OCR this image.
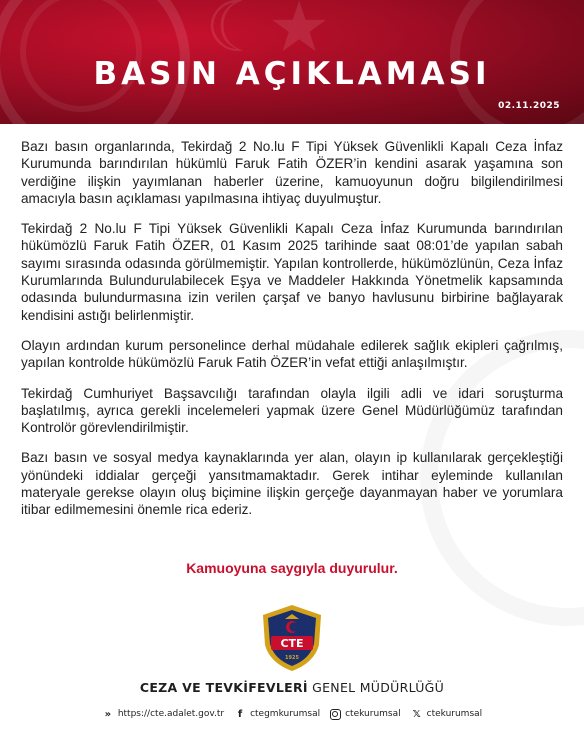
☾★
BASIN AÇIKLAMASI
02.11.2025

Bazı basın organlarında, Tekirdağ 2 No.lu F Tipi Yüksek Güvenlikli Kapalı Ceza İnfaz Kurumunda barındırılan hükümlü Faruk Fatih ÖZER’in kendini asarak yaşamına son verdiğine ilişkin yayımlanan haberler üzerine, kamuoyunun doğru bilgilendirilmesi amacıyla basın açıklaması yapılmasına ihtiyaç duyulmuştur.

Tekirdağ 2 No.lu F Tipi Yüksek Güvenlikli Kapalı Ceza İnfaz Kurumunda barındırılan hükümözlü Faruk Fatih ÖZER, 01 Kasım 2025 tarihinde saat 08:01’de yapılan sabah sayımı sırasında odasında görülmemiştir. Yapılan kontrollerde, hükümözlünün, Ceza İnfaz Kurumlarında Bulundurulabilecek Eşya ve Maddeler Hakkında Yönetmelik kapsamında odasında bulundurmasına izin verilen çarşaf ve banyo havlusunu birbirine bağlayarak kendisini astığı belirlenmiştir.

Olayın ardından kurum personelince derhal müdahale edilerek sağlık ekipleri çağrılmış, yapılan kontrolde hükümözlü Faruk Fatih ÖZER’in vefat ettiği anlaşılmıştır.

Tekirdağ Cumhuriyet Başsavcılığı tarafından olayla ilgili adli ve idari soruşturma başlatılmış, ayrıca gerekli incelemeleri yapmak üzere Genel Müdürlüğümüz tarafından Kontrolör görevlendirilmiştir.

Bazı basın ve sosyal medya kaynaklarında yer alan, olayın ip kullanılarak gerçekleştiği yönündeki iddialar gerçeği yansıtmamaktadır. Gerek intihar eyleminde kullanılan materyale gerekse olayın oluş biçimine ilişkin gerçeğe dayanmayan haber ve yorumlara itibar edilmemesini önemle rica ederiz.

Kamuoyuna saygıyla duyurulur.
CTE
1925
CEZA VE TEVKİFEVLERİ GENEL MÜDÜRLÜĞÜ
» https://cte.adalet.gov.tr	f ctegmkurumsal	ctekurumsal 𝕏 ctekurumsal
